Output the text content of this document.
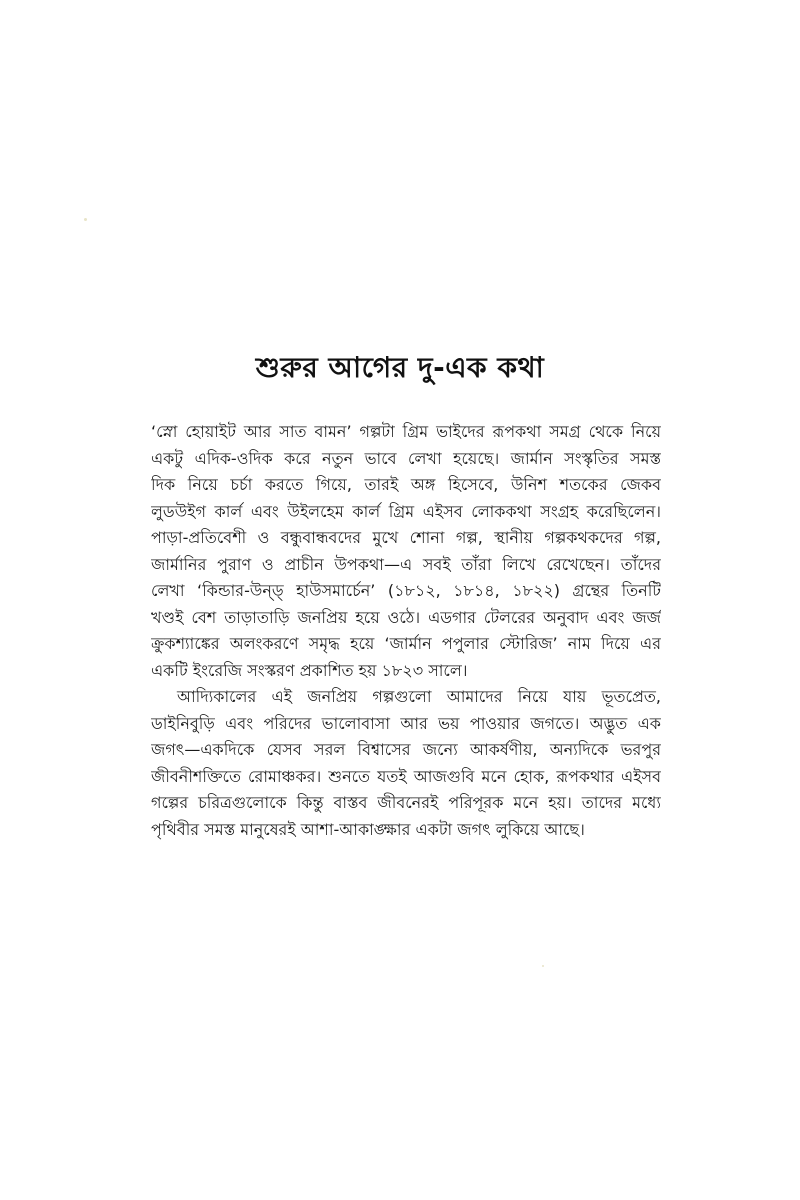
শুরুর আগের দু-এক কথা
‘স্নো হোয়াইট আর সাত বামন’ গল্পটা গ্রিম ভাইদের রূপকথা সমগ্র থেকে নিয়ে
একটু এদিক-ওদিক করে নতুন ভাবে লেখা হয়েছে। জার্মান সংস্কৃতির সমস্ত
দিক নিয়ে চর্চা করতে গিয়ে, তারই অঙ্গ হিসেবে, উনিশ শতকের জেকব
লুডউইগ কার্ল এবং উইলহেম কার্ল গ্রিম এইসব লোককথা সংগ্রহ করেছিলেন।
পাড়া-প্রতিবেশী ও বন্ধুবান্ধবদের মুখে শোনা গল্প, স্থানীয় গল্পকথকদের গল্প,
জার্মানির পুরাণ ও প্রাচীন উপকথা—এ সবই তাঁরা লিখে রেখেছেন। তাঁদের
লেখা ‘কিন্ডার-উন্ড্ হাউসমার্চেন’ (১৮১২, ১৮১৪, ১৮২২) গ্রন্থের তিনটি
খণ্ডই বেশ তাড়াতাড়ি জনপ্রিয় হয়ে ওঠে। এডগার টেলরের অনুবাদ এবং জর্জ
ক্রুকশ্যাঙ্কের অলংকরণে সমৃদ্ধ হয়ে ‘জার্মান পপুলার স্টোরিজ’ নাম দিয়ে এর
একটি ইংরেজি সংস্করণ প্রকাশিত হয় ১৮২৩ সালে।
আদ্যিকালের এই জনপ্রিয় গল্পগুলো আমাদের নিয়ে যায় ভূতপ্রেত,
ডাইনিবুড়ি এবং পরিদের ভালোবাসা আর ভয় পাওয়ার জগতে। অদ্ভুত এক
জগৎ—একদিকে যেসব সরল বিশ্বাসের জন্যে আকর্ষণীয়, অন্যদিকে ভরপুর
জীবনীশক্তিতে রোমাঞ্চকর। শুনতে যতই আজগুবি মনে হোক, রূপকথার এইসব
গল্পের চরিত্রগুলোকে কিন্তু বাস্তব জীবনেরই পরিপূরক মনে হয়। তাদের মধ্যে
পৃথিবীর সমস্ত মানুষেরই আশা-আকাঙ্ক্ষার একটা জগৎ লুকিয়ে আছে।
